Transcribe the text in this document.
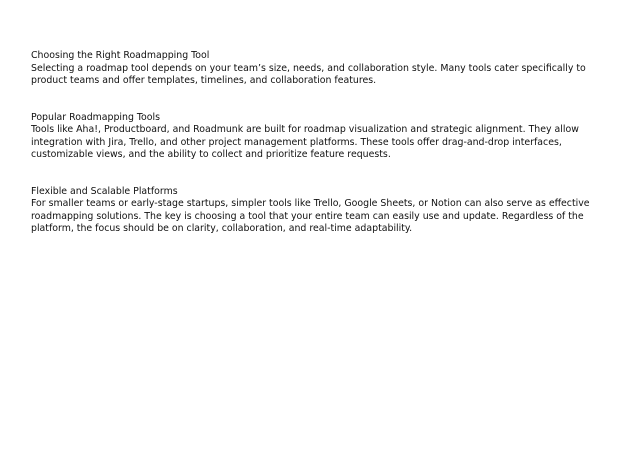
Choosing the Right Roadmapping Tool

Selecting a roadmap tool depends on your team’s size, needs, and collaboration style. Many tools cater specifically to product teams and offer templates, timelines, and collaboration features.

Popular Roadmapping Tools

Tools like Aha!, Productboard, and Roadmunk are built for roadmap visualization and strategic alignment. They allow integration with Jira, Trello, and other project management platforms. These tools offer drag-and-drop interfaces, customizable views, and the ability to collect and prioritize feature requests.

Flexible and Scalable Platforms

For smaller teams or early-stage startups, simpler tools like Trello, Google Sheets, or Notion can also serve as effective roadmapping solutions. The key is choosing a tool that your entire team can easily use and update. Regardless of the platform, the focus should be on clarity, collaboration, and real-time adaptability.
